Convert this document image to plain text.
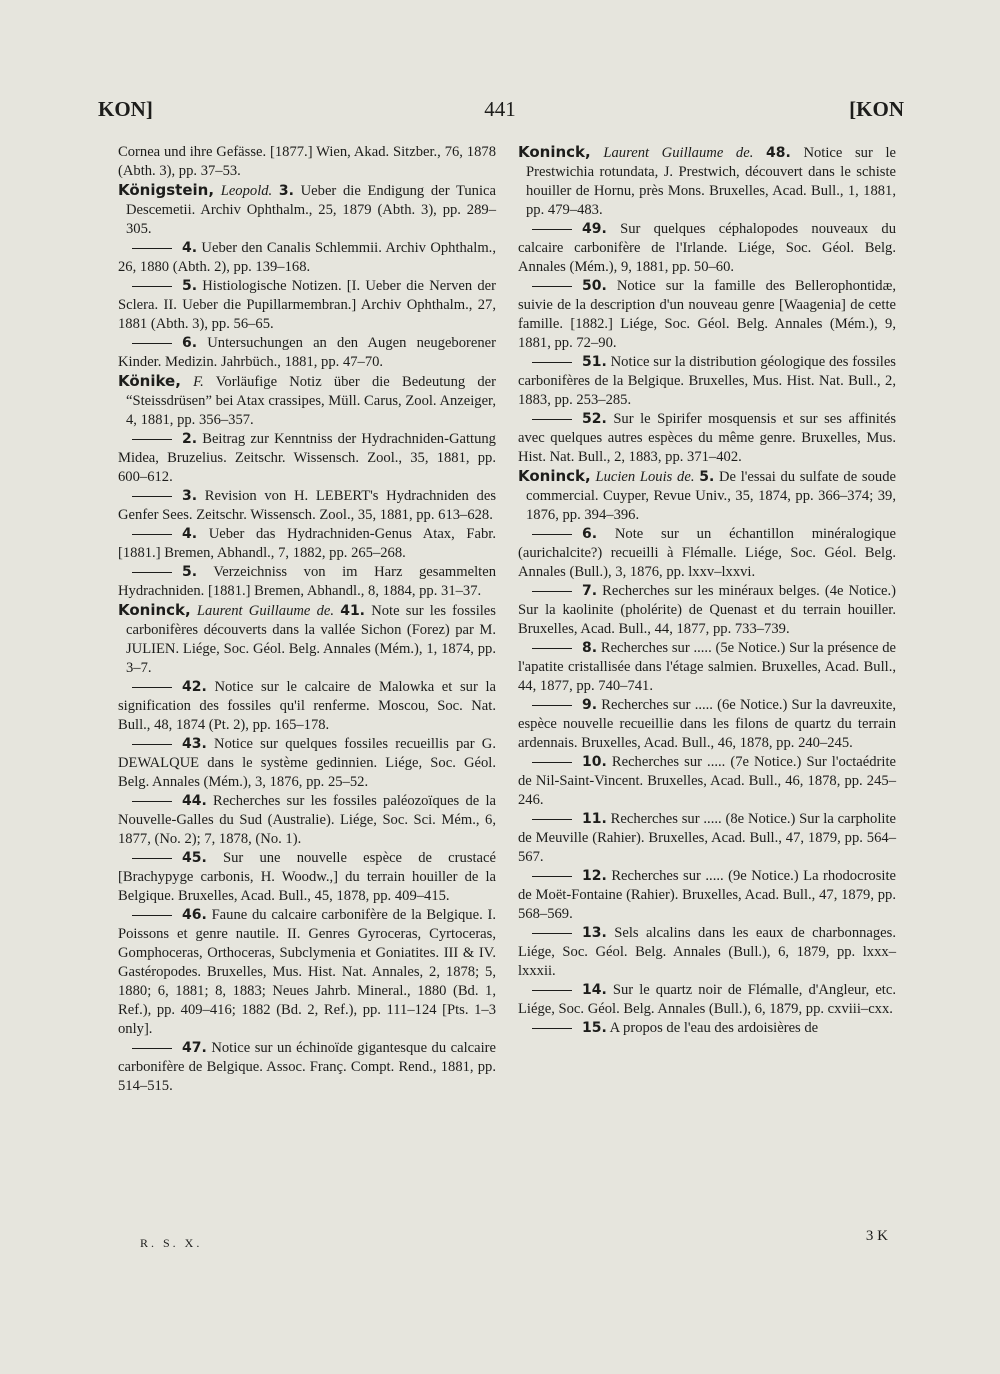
KON]	441	[KON
Cornea und ihre Gefässe. [1877.] Wien, Akad. Sitzber., 76, 1878 (Abth. 3), pp. 37–53.
Königstein, Leopold. 3. Ueber die Endigung der Tunica Descemetii. Archiv Ophthalm., 25, 1879 (Abth. 3), pp. 289–305.
4. Ueber den Canalis Schlemmii. Archiv Ophthalm., 26, 1880 (Abth. 2), pp. 139–168.
5. Histiologische Notizen. [I. Ueber die Nerven der Sclera. II. Ueber die Pupillarmembran.] Archiv Ophthalm., 27, 1881 (Abth. 3), pp. 56–65.
6. Untersuchungen an den Augen neugeborener Kinder. Medizin. Jahrbüch., 1881, pp. 47–70.
Könike, F. Vorläufige Notiz über die Bedeutung der “Steissdrüsen” bei Atax crassipes, Müll. Carus, Zool. Anzeiger, 4, 1881, pp. 356–357.
2. Beitrag zur Kenntniss der Hydrachniden-Gattung Midea, Bruzelius. Zeitschr. Wissensch. Zool., 35, 1881, pp. 600–612.
3. Revision von H. LEBERT's Hydrachniden des Genfer Sees. Zeitschr. Wissensch. Zool., 35, 1881, pp. 613–628.
4. Ueber das Hydrachniden-Genus Atax, Fabr. [1881.] Bremen, Abhandl., 7, 1882, pp. 265–268.
5. Verzeichniss von im Harz gesammelten Hydrachniden. [1881.] Bremen, Abhandl., 8, 1884, pp. 31–37.
Koninck, Laurent Guillaume de. 41. Note sur les fossiles carbonifères découverts dans la vallée Sichon (Forez) par M. JULIEN. Liége, Soc. Géol. Belg. Annales (Mém.), 1, 1874, pp. 3–7.
42. Notice sur le calcaire de Malowka et sur la signification des fossiles qu'il renferme. Moscou, Soc. Nat. Bull., 48, 1874 (Pt. 2), pp. 165–178.
43. Notice sur quelques fossiles recueillis par G. DEWALQUE dans le système gedinnien. Liége, Soc. Géol. Belg. Annales (Mém.), 3, 1876, pp. 25–52.
44. Recherches sur les fossiles paléozoïques de la Nouvelle-Galles du Sud (Australie). Liége, Soc. Sci. Mém., 6, 1877, (No. 2); 7, 1878, (No. 1).
45. Sur une nouvelle espèce de crustacé [Brachypyge carbonis, H. Woodw.,] du terrain houiller de la Belgique. Bruxelles, Acad. Bull., 45, 1878, pp. 409–415.
46. Faune du calcaire carbonifère de la Belgique. I. Poissons et genre nautile. II. Genres Gyroceras, Cyrtoceras, Gomphoceras, Orthoceras, Subclymenia et Goniatites. III & IV. Gastéropodes. Bruxelles, Mus. Hist. Nat. Annales, 2, 1878; 5, 1880; 6, 1881; 8, 1883; Neues Jahrb. Mineral., 1880 (Bd. 1, Ref.), pp. 409–416; 1882 (Bd. 2, Ref.), pp. 111–124 [Pts. 1–3 only].
47. Notice sur un échinoïde gigantesque du calcaire carbonifère de Belgique. Assoc. Franç. Compt. Rend., 1881, pp. 514–515.
Koninck, Laurent Guillaume de. 48. Notice sur le Prestwichia rotundata, J. Prestwich, découvert dans le schiste houiller de Hornu, près Mons. Bruxelles, Acad. Bull., 1, 1881, pp. 479–483.
49. Sur quelques céphalopodes nouveaux du calcaire carbonifère de l'Irlande. Liége, Soc. Géol. Belg. Annales (Mém.), 9, 1881, pp. 50–60.
50. Notice sur la famille des Bellerophontidæ, suivie de la description d'un nouveau genre [Waagenia] de cette famille. [1882.] Liége, Soc. Géol. Belg. Annales (Mém.), 9, 1881, pp. 72–90.
51. Notice sur la distribution géologique des fossiles carbonifères de la Belgique. Bruxelles, Mus. Hist. Nat. Bull., 2, 1883, pp. 253–285.
52. Sur le Spirifer mosquensis et sur ses affinités avec quelques autres espèces du même genre. Bruxelles, Mus. Hist. Nat. Bull., 2, 1883, pp. 371–402.
Koninck, Lucien Louis de. 5. De l'essai du sulfate de soude commercial. Cuyper, Revue Univ., 35, 1874, pp. 366–374; 39, 1876, pp. 394–396.
6. Note sur un échantillon minéralogique (aurichalcite?) recueilli à Flémalle. Liége, Soc. Géol. Belg. Annales (Bull.), 3, 1876, pp. lxxv–lxxvi.
7. Recherches sur les minéraux belges. (4e Notice.) Sur la kaolinite (pholérite) de Quenast et du terrain houiller. Bruxelles, Acad. Bull., 44, 1877, pp. 733–739.
8. Recherches sur ..... (5e Notice.) Sur la présence de l'apatite cristallisée dans l'étage salmien. Bruxelles, Acad. Bull., 44, 1877, pp. 740–741.
9. Recherches sur ..... (6e Notice.) Sur la davreuxite, espèce nouvelle recueillie dans les filons de quartz du terrain ardennais. Bruxelles, Acad. Bull., 46, 1878, pp. 240–245.
10. Recherches sur ..... (7e Notice.) Sur l'octaédrite de Nil-Saint-Vincent. Bruxelles, Acad. Bull., 46, 1878, pp. 245–246.
11. Recherches sur ..... (8e Notice.) Sur la carpholite de Meuville (Rahier). Bruxelles, Acad. Bull., 47, 1879, pp. 564–567.
12. Recherches sur ..... (9e Notice.) La rhodocrosite de Moët-Fontaine (Rahier). Bruxelles, Acad. Bull., 47, 1879, pp. 568–569.
13. Sels alcalins dans les eaux de charbonnages. Liége, Soc. Géol. Belg. Annales (Bull.), 6, 1879, pp. lxxx–lxxxii.
14. Sur le quartz noir de Flémalle, d'Angleur, etc. Liége, Soc. Géol. Belg. Annales (Bull.), 6, 1879, pp. cxviii–cxx.
15. A propos de l'eau des ardoisières de
R. S. X.	3 K
